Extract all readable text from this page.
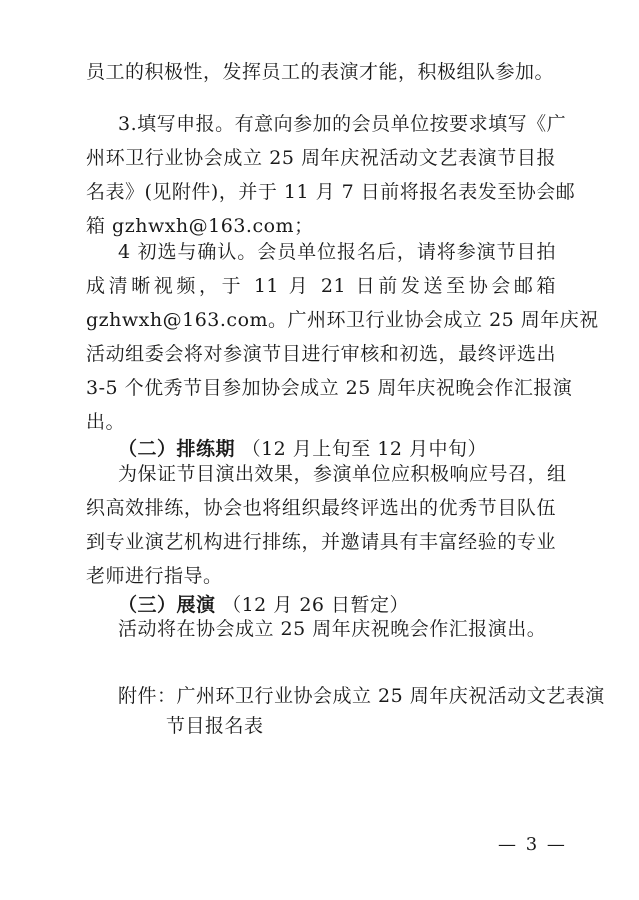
员工的积极性，发挥员工的表演才能，积极组队参加。
3.填写申报。有意向参加的会员单位按要求填写《广
州环卫行业协会成立 25 周年庆祝活动文艺表演节目报
名表》(见附件)，并于 11 月 7 日前将报名表发至协会邮
箱 gzhwxh@163.com；
4 初选与确认。会员单位报名后，请将参演节目拍
成清晰视频，于 11 月 21 日前发送至协会邮箱
gzhwxh@163.com。广州环卫行业协会成立 25 周年庆祝
活动组委会将对参演节目进行审核和初选，最终评选出
3-5 个优秀节目参加协会成立 25 周年庆祝晚会作汇报演
出。
（二）排练期 （12 月上旬至 12 月中旬）
为保证节目演出效果，参演单位应积极响应号召，组
织高效排练，协会也将组织最终评选出的优秀节目队伍
到专业演艺机构进行排练，并邀请具有丰富经验的专业
老师进行指导。
（三）展演 （12 月 26 日暂定）
活动将在协会成立 25 周年庆祝晚会作汇报演出。
附件：广州环卫行业协会成立 25 周年庆祝活动文艺表演
节目报名表
— 3 —
